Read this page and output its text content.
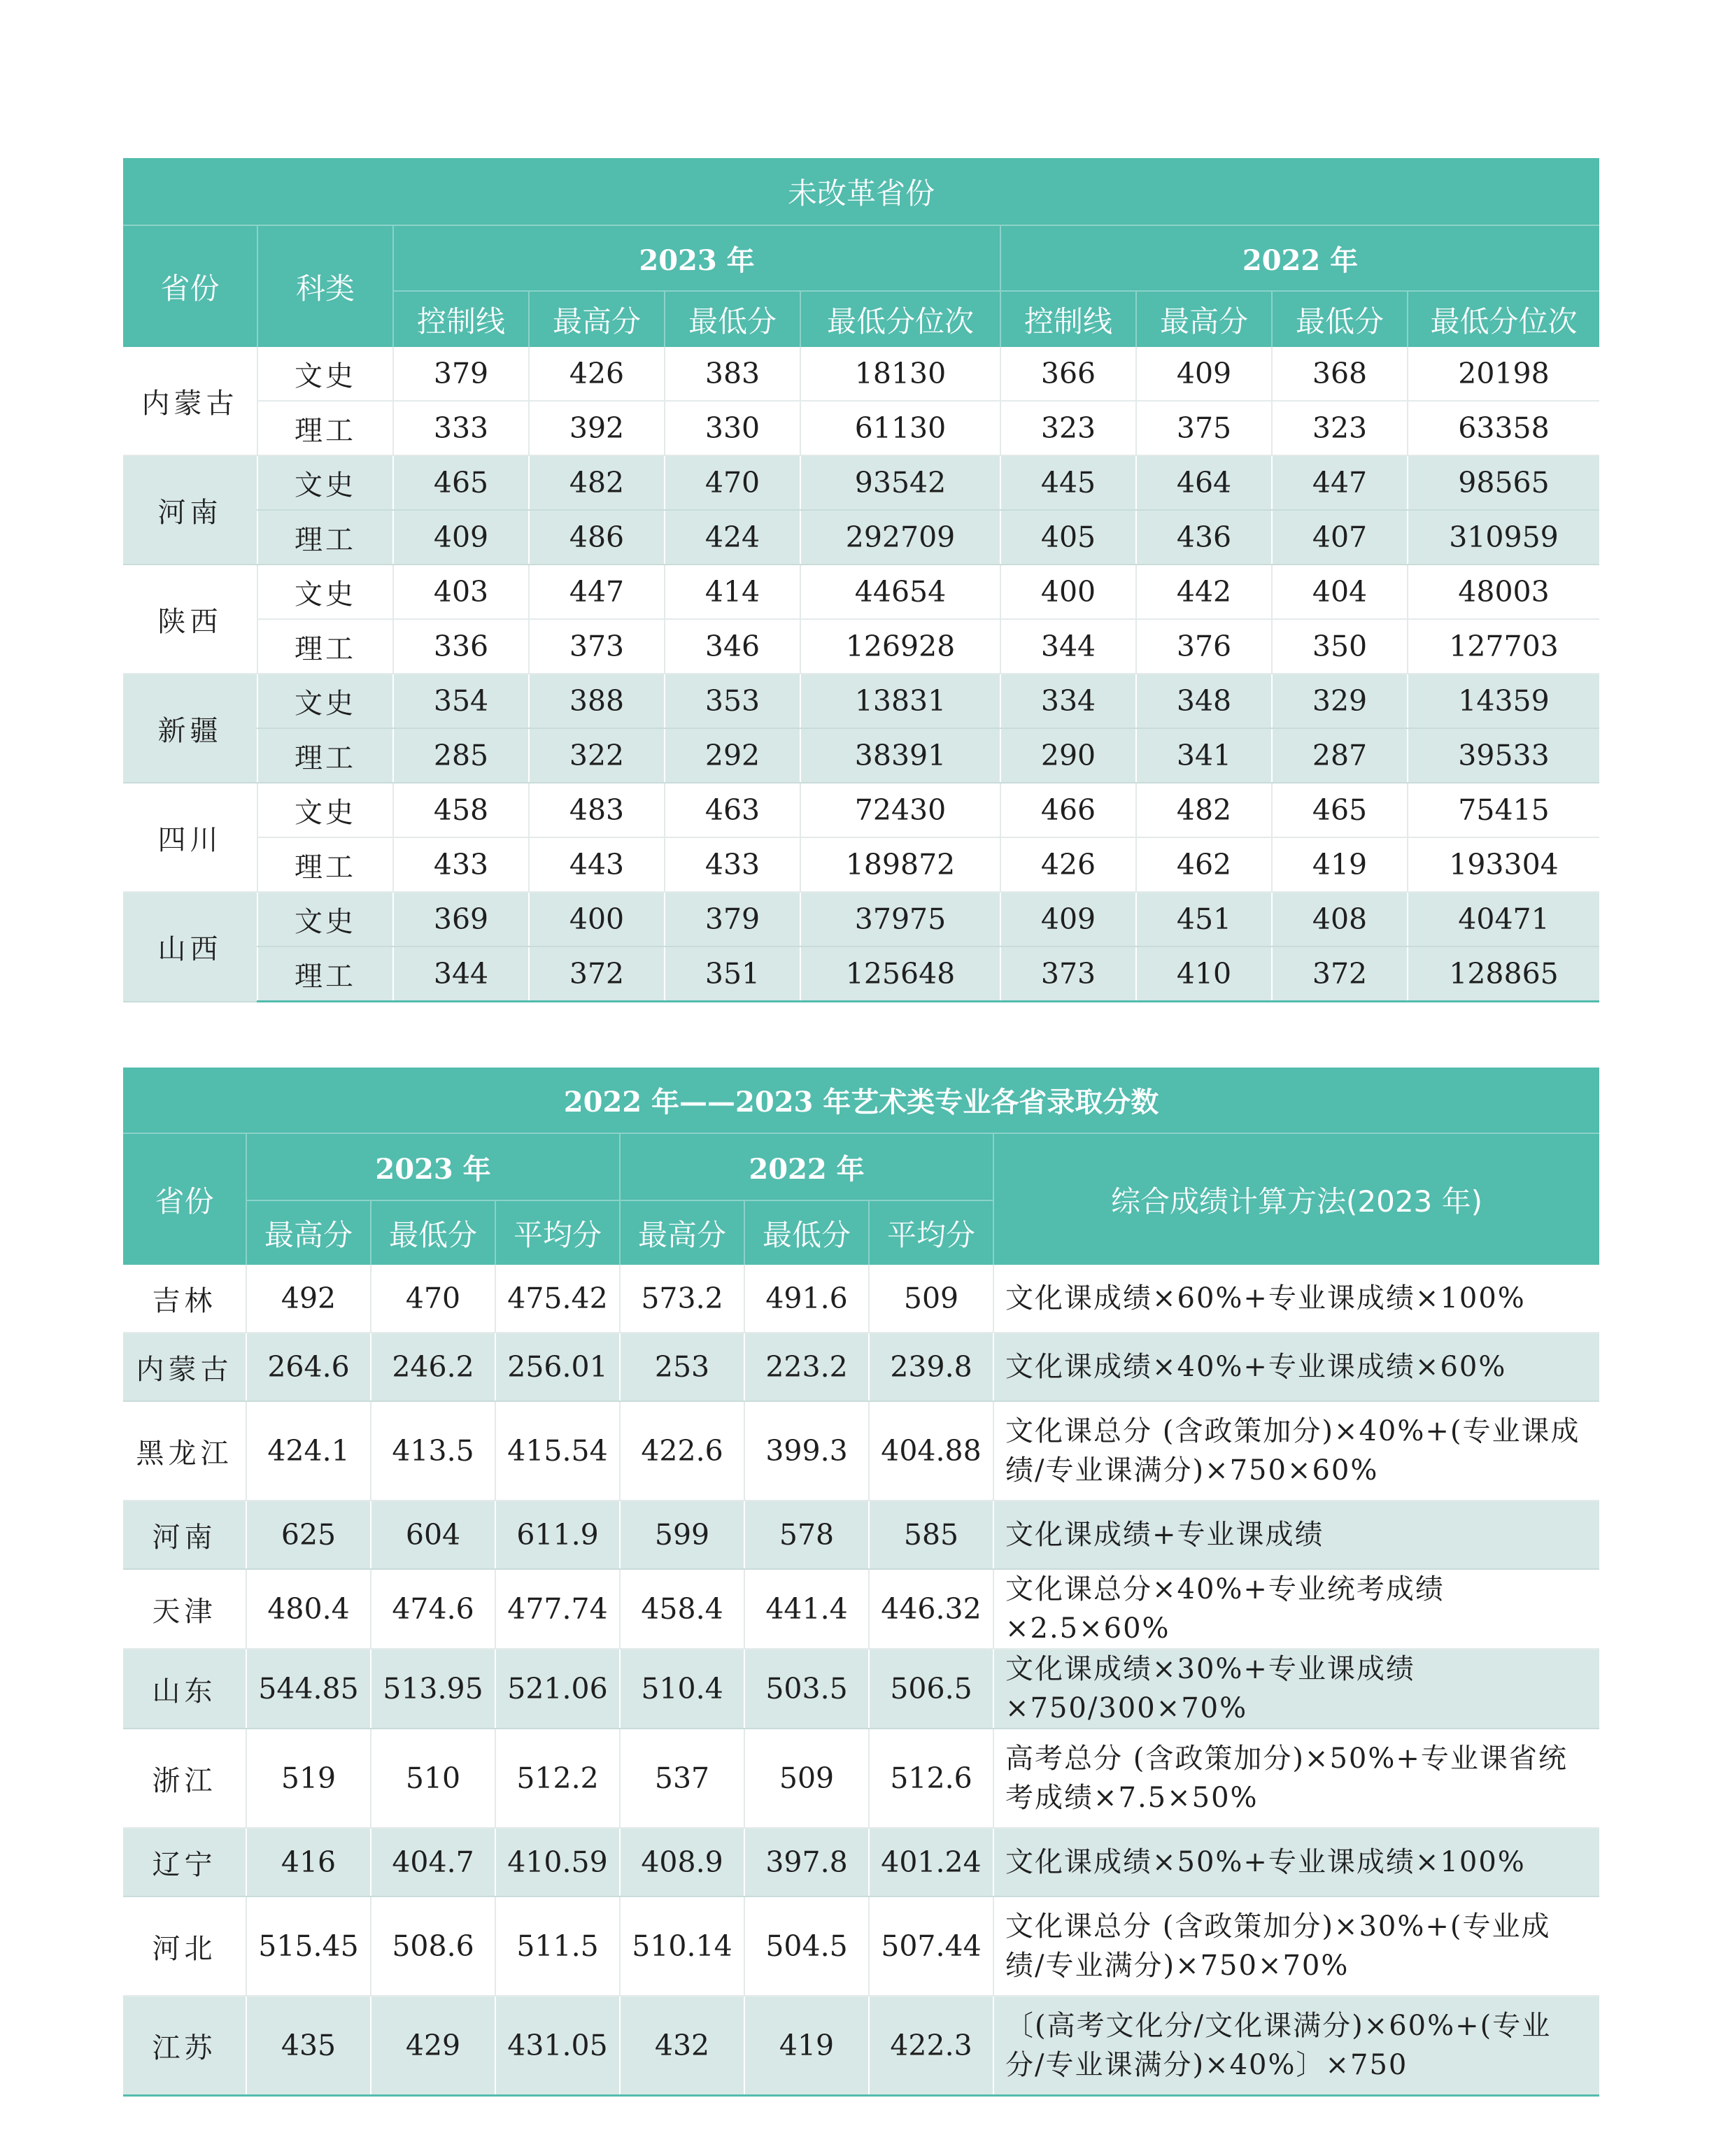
未改革省份									
省份	科类	2023 年				2022 年			
		控制线	最高分	最低分	最低分位次	控制线	最高分	最低分	最低分位次
内蒙古	文史	379	426	383	18130	366	409	368	20198
	理工	333	392	330	61130	323	375	323	63358
河南	文史	465	482	470	93542	445	464	447	98565
	理工	409	486	424	292709	405	436	407	310959
陕西	文史	403	447	414	44654	400	442	404	48003
	理工	336	373	346	126928	344	376	350	127703
新疆	文史	354	388	353	13831	334	348	329	14359
	理工	285	322	292	38391	290	341	287	39533
四川	文史	458	483	463	72430	466	482	465	75415
	理工	433	443	433	189872	426	462	419	193304
山西	文史	369	400	379	37975	409	451	408	40471
	理工	344	372	351	125648	373	410	372	128865
2022 年——2023 年艺术类专业各省录取分数							
省份	2023 年			2022 年			综合成绩计算方法(2023 年)
	最高分	最低分	平均分	最高分	最低分	平均分	
吉林	492	470	475.42	573.2	491.6	509	文化课成绩×60%+专业课成绩×100%
内蒙古	264.6	246.2	256.01	253	223.2	239.8	文化课成绩×40%+专业课成绩×60%
黑龙江	424.1	413.5	415.54	422.6	399.3	404.88	文化课总分 (含政策加分)×40%+(专业课成绩/专业课满分)×750×60%
河南	625	604	611.9	599	578	585	文化课成绩+专业课成绩
天津	480.4	474.6	477.74	458.4	441.4	446.32	文化课总分×40%+专业统考成绩×2.5×60%
山东	544.85	513.95	521.06	510.4	503.5	506.5	文化课成绩×30%+专业课成绩×750/300×70%
浙江	519	510	512.2	537	509	512.6	高考总分 (含政策加分)×50%+专业课省统考成绩×7.5×50%
辽宁	416	404.7	410.59	408.9	397.8	401.24	文化课成绩×50%+专业课成绩×100%
河北	515.45	508.6	511.5	510.14	504.5	507.44	文化课总分 (含政策加分)×30%+(专业成绩/专业满分)×750×70%
江苏	435	429	431.05	432	419	422.3	〔(高考文化分/文化课满分)×60%+(专业分/专业课满分)×40%〕×750
